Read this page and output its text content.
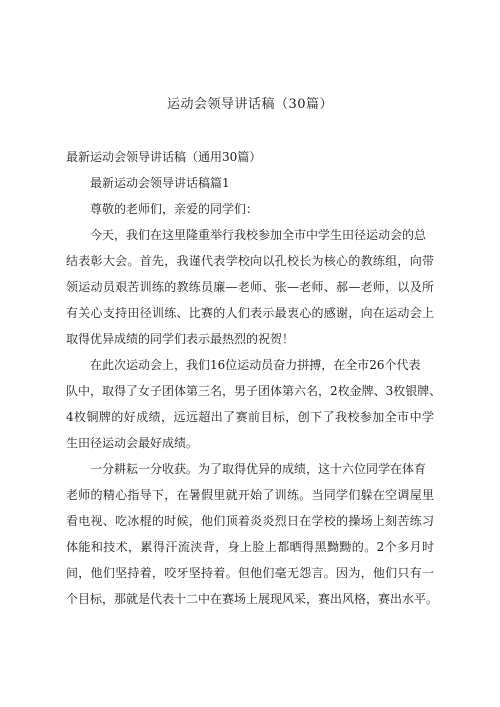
运动会领导讲话稿（30篇）
最新运动会领导讲话稿（通用30篇）
最新运动会领导讲话稿篇1
尊敬的老师们，亲爱的同学们：
今天，我们在这里隆重举行我校参加全市中学生田径运动会的总
结表彰大会。首先，我谨代表学校向以孔校长为核心的教练组，向带
领运动员艰苦训练的教练员廉—老师、张—老师、郝—老师，以及所
有关心支持田径训练、比赛的人们表示最衷心的感谢，向在运动会上
取得优异成绩的同学们表示最热烈的祝贺！
在此次运动会上，我们16位运动员奋力拼搏，在全市26个代表
队中，取得了女子团体第三名，男子团体第六名，2枚金牌、3枚银牌、
4枚铜牌的好成绩，远远超出了赛前目标，创下了我校参加全市中学
生田径运动会最好成绩。
一分耕耘一分收获。为了取得优异的成绩，这十六位同学在体育
老师的精心指导下，在暑假里就开始了训练。当同学们躲在空调屋里
看电视、吃冰棍的时候，他们顶着炎炎烈日在学校的操场上刻苦练习
体能和技术，累得汗流浃背，身上脸上都晒得黑黝黝的。2个多月时
间，他们坚持着，咬牙坚持着。但他们毫无怨言。因为，他们只有一
个目标，那就是代表十二中在赛场上展现风采，赛出风格，赛出水平。
